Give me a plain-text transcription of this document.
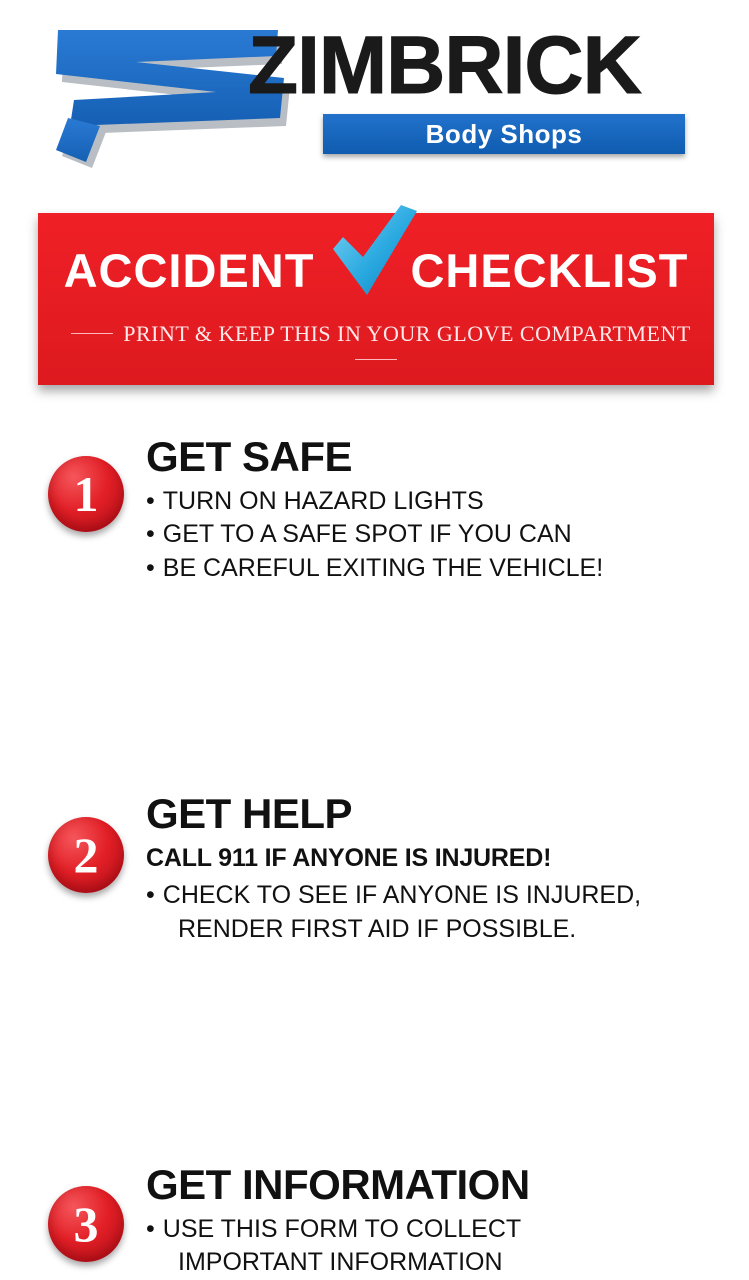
ZIMBRICK
Body Shops
ACCIDENT CHECKLIST
PRINT & KEEP THIS IN YOUR GLOVE COMPARTMENT
1
GET SAFE
• TURN ON HAZARD LIGHTS
• GET TO A SAFE SPOT IF YOU CAN
• BE CAREFUL EXITING THE VEHICLE!
2
GET HELP
CALL 911 IF ANYONE IS INJURED!
• CHECK TO SEE IF ANYONE IS INJURED,
RENDER FIRST AID IF POSSIBLE.
3
GET INFORMATION
• USE THIS FORM TO COLLECT
IMPORTANT INFORMATION
